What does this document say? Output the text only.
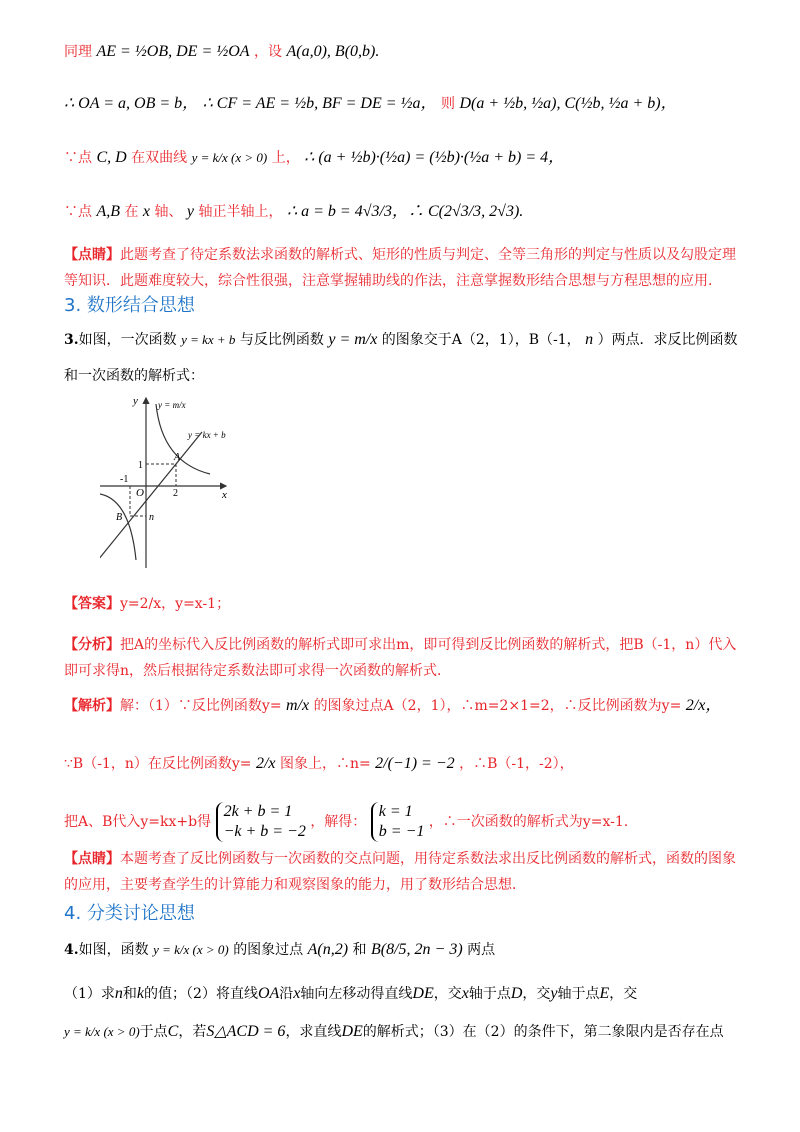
同理 AE = ½OB, DE = ½OA ，设 A(a,0), B(0,b).
∴ OA = a, OB = b， ∴ CF = AE = ½b, BF = DE = ½a， 则 D(a + ½b, ½a), C(½b, ½a + b)，
∵点 C, D 在双曲线 y = k/x (x > 0) 上， ∴ (a + ½b)·(½a) = (½b)·(½a + b) = 4，
∵点 A,B 在 x 轴、 y 轴正半轴上， ∴ a = b = 4√3/3，∴ C(2√3/3, 2√3).
【点睛】此题考查了待定系数法求函数的解析式、矩形的性质与判定、全等三角形的判定与性质以及勾股定理等知识．此题难度较大，综合性很强，注意掌握辅助线的作法，注意掌握数形结合思想与方程思想的应用．
3. 数形结合思想
3.如图，一次函数 y = kx + b 与反比例函数 y = m/x 的图象交于A（2，1），B（-1， n ）两点．求反比例函数
和一次函数的解析式：
y
x
O
y = m/x
y = kx + b
A
B
1
2
-1
n
【答案】y=2/x，y=x-1；
【分析】把A的坐标代入反比例函数的解析式即可求出m，即可得到反比例函数的解析式，把B（-1，n）代入即可求得n，然后根据待定系数法即可求得一次函数的解析式．
【解析】解：（1）∵反比例函数y= m/x 的图象过点A（2，1），∴m=2×1=2，∴反比例函数为y= 2/x，
∵B（-1，n）在反比例函数y= 2/x 图象上，∴n= 2/(−1) = −2 ，∴B（-1，-2），
把A、B代入y=kx+b得
2k + b = 1
−k + b = −2
，解得：
k = 1
b = −1
，∴一次函数的解析式为y=x-1.
【点睛】本题考查了反比例函数与一次函数的交点问题，用待定系数法求出反比例函数的解析式，函数的图象的应用，主要考查学生的计算能力和观察图象的能力，用了数形结合思想．
4. 分类讨论思想
4.如图，函数 y = k/x (x > 0) 的图象过点 A(n,2) 和 B(8/5, 2n − 3) 两点
（1）求n和k的值；（2）将直线OA沿x轴向左移动得直线DE，交x轴于点D，交y轴于点E，交
y = k/x (x > 0)于点C，若S△ACD = 6，求直线DE的解析式；（3）在（2）的条件下，第二象限内是否存在点
